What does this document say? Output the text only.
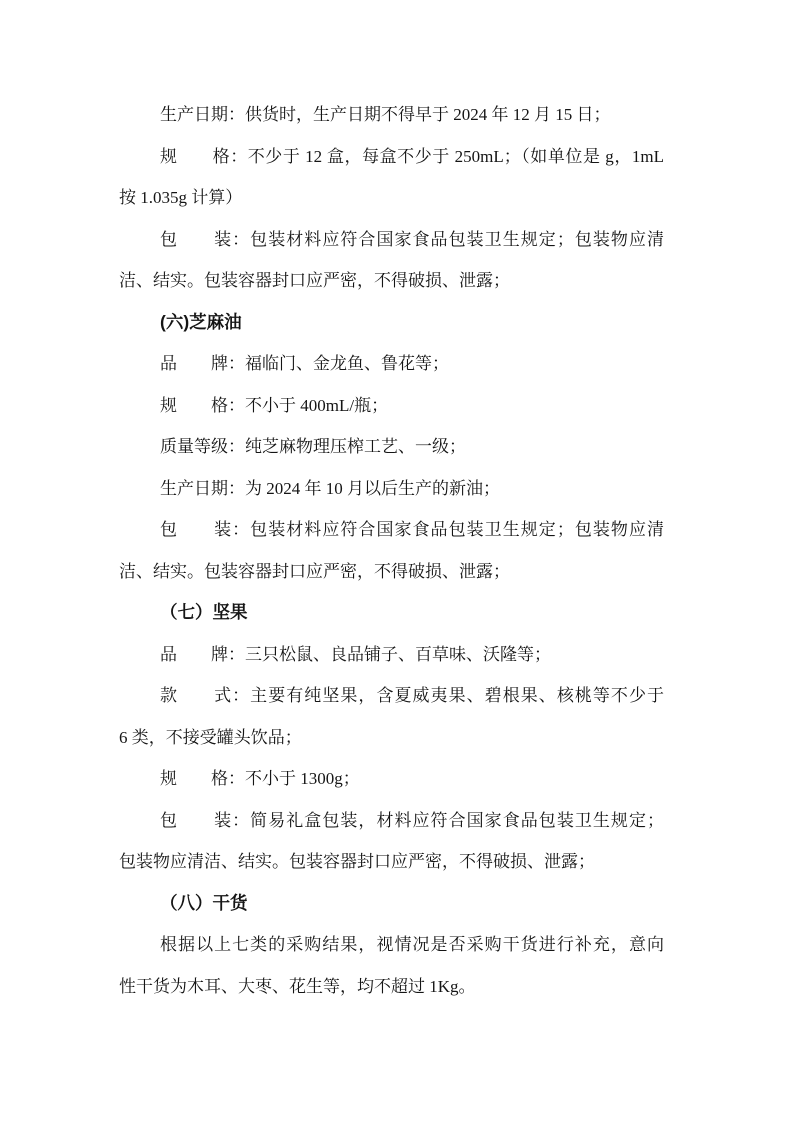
生产日期：供货时，生产日期不得早于 2024 年 12 月 15 日；
规　　格：不少于 12 盒，每盒不少于 250mL；（如单位是 g，1mL
按 1.035g 计算）
包　　装：包装材料应符合国家食品包装卫生规定；包装物应清
洁、结实。包装容器封口应严密，不得破损、泄露；
(六)芝麻油
品　　牌：福临门、金龙鱼、鲁花等；
规　　格：不小于 400mL/瓶；
质量等级：纯芝麻物理压榨工艺、一级；
生产日期：为 2024 年 10 月以后生产的新油；
包　　装：包装材料应符合国家食品包装卫生规定；包装物应清
洁、结实。包装容器封口应严密，不得破损、泄露；
（七）坚果
品　　牌：三只松鼠、良品铺子、百草味、沃隆等；
款　　式：主要有纯坚果，含夏威夷果、碧根果、核桃等不少于
6 类，不接受罐头饮品；
规　　格：不小于 1300g；
包　　装：简易礼盒包装，材料应符合国家食品包装卫生规定；
包装物应清洁、结实。包装容器封口应严密，不得破损、泄露；
（八）干货
根据以上七类的采购结果，视情况是否采购干货进行补充，意向
性干货为木耳、大枣、花生等，均不超过 1Kg。
